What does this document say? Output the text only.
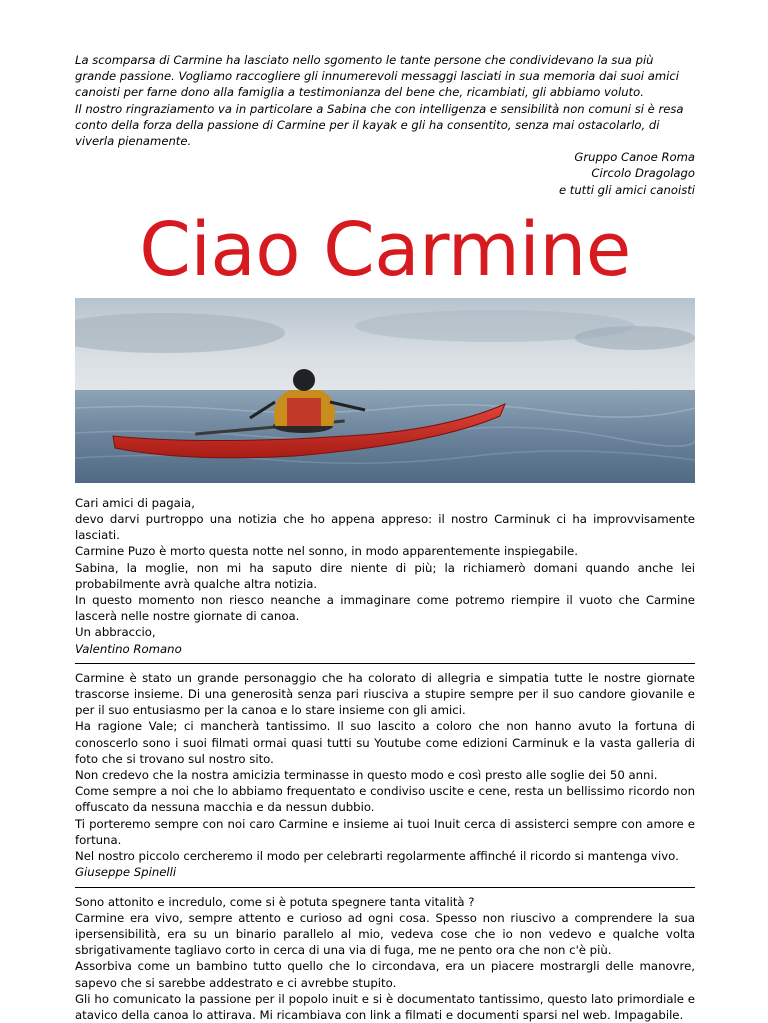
La scomparsa di Carmine ha lasciato nello sgomento le tante persone che condividevano la sua più grande passione. Vogliamo raccogliere gli innumerevoli messaggi lasciati in sua memoria dai suoi amici canoisti per farne dono alla famiglia a testimonianza del bene che, ricambiati, gli abbiamo voluto.

Il nostro ringraziamento va in particolare a Sabina che con intelligenza e sensibilità non comuni si è resa conto della forza della passione di Carmine per il kayak e gli ha consentito, senza mai ostacolarlo, di viverla pienamente.

Gruppo Canoe Roma
Circolo Dragolago
e tutti gli amici canoisti
Ciao Carmine

Cari amici di pagaia,

devo darvi purtroppo una notizia che ho appena appreso: il nostro Carminuk ci ha improvvisamente lasciati.

Carmine Puzo è morto questa notte nel sonno, in modo apparentemente inspiegabile.

Sabina, la moglie, non mi ha saputo dire niente di più; la richiamerò domani quando anche lei probabilmente avrà qualche altra notizia.

In questo momento non riesco neanche a immaginare come potremo riempire il vuoto che Carmine lascerà nelle nostre giornate di canoa.

Un abbraccio,

Valentino Romano

Carmine è stato un grande personaggio che ha colorato di allegria e simpatia tutte le nostre giornate trascorse insieme. Di una generosità senza pari riusciva a stupire sempre per il suo candore giovanile e per il suo entusiasmo per la canoa e lo stare insieme con gli amici.

Ha ragione Vale; ci mancherà tantissimo. Il suo lascito a coloro che non hanno avuto la fortuna di conoscerlo sono i suoi filmati ormai quasi tutti su Youtube come edizioni Carminuk e la vasta galleria di foto che si trovano sul nostro sito.

Non credevo che la nostra amicizia terminasse in questo modo e così presto alle soglie dei 50 anni.

Come sempre a noi che lo abbiamo frequentato e condiviso uscite e cene, resta un bellissimo ricordo non offuscato da nessuna macchia e da nessun dubbio.

Ti porteremo sempre con noi caro Carmine e insieme ai tuoi Inuit cerca di assisterci sempre con amore e fortuna.

Nel nostro piccolo cercheremo il modo per celebrarti regolarmente affinché il ricordo si mantenga vivo.

Giuseppe Spinelli

Sono attonito e incredulo, come si è potuta spegnere tanta vitalità ?

Carmine era vivo, sempre attento e curioso ad ogni cosa. Spesso non riuscivo a comprendere la sua ipersensibilità, era su un binario parallelo al mio, vedeva cose che io non vedevo e qualche volta sbrigativamente tagliavo corto in cerca di una via di fuga, me ne pento ora che non c'è più.

Assorbiva come un bambino tutto quello che lo circondava, era un piacere mostrargli delle manovre, sapevo che si sarebbe addestrato e ci avrebbe stupito.

Gli ho comunicato la passione per il popolo inuit e si è documentato tantissimo, questo lato primordiale e atavico della canoa lo attirava. Mi ricambiava con link a filmati e documenti sparsi nel web. Impagabile.
